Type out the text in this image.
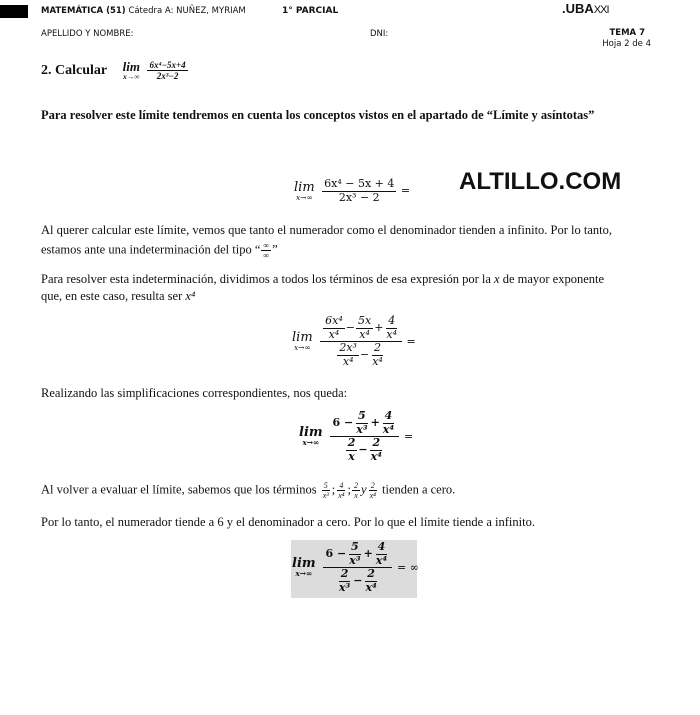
MATEMÁTICA (51) Cátedra A: NUÑEZ, MYRIAM	1° PARCIAL	.UBAXXI
APELLIDO Y NOMBRE:	DNI:	TEMA 7
Hoja 2 de 4
2. Calcular lim
x→∞
$\frac{\text{6x⁴−5x+4}}{\text{2x³−2}}$
Para resolver este límite tendremos en cuenta los conceptos vistos en el apartado de “Límite y asíntotas”
lim
x→∞
$\frac{\text{6x⁴ − 5x + 4}}{\text{2x³ − 2}}$ = ALTILLO.COM
Al querer calcular este límite, vemos que tanto el numerador como el denominador tienden a infinito. Por lo tanto,
estamos ante una indeterminación del tipo “ $\frac{\infty}{\infty}$ ”
Para resolver esta indeterminación, dividimos a todos los términos de esa expresión por la x de mayor exponente
que, en este caso, resulta ser x⁴
lim
x→∞
$\frac{\frac{\text{6x⁴}}{\text{x⁴}} - \frac{5x}{\text{x⁴}} + \frac{4}{\text{x⁴}}}{\frac{\text{2x³}}{\text{x⁴}} - \frac{2}{\text{x⁴}}}$ =
Realizando las simplificaciones correspondientes, nos queda:
lim
x→∞
$\frac{6 - \frac{5}{\text{x³}} + \frac{4}{\text{x⁴}}}{\frac{2}{x} - \frac{2}{\text{x⁴}}}$ =
Al volver a evaluar el límite, sabemos que los términos $\frac{5}{\text{x³}}$ ; $\frac{4}{\text{x⁴}}$ ; $\frac{2}{x}$ y $\frac{2}{\text{x⁴}}$ tienden a cero.
Por lo tanto, el numerador tiende a 6 y el denominador a cero. Por lo que el límite tiende a infinito.
lim
x→∞
$\frac{6 - \frac{5}{\text{x³}} + \frac{4}{\text{x⁴}}}{\frac{2}{\text{x³}} - \frac{2}{\text{x⁴}}}$ = ∞
